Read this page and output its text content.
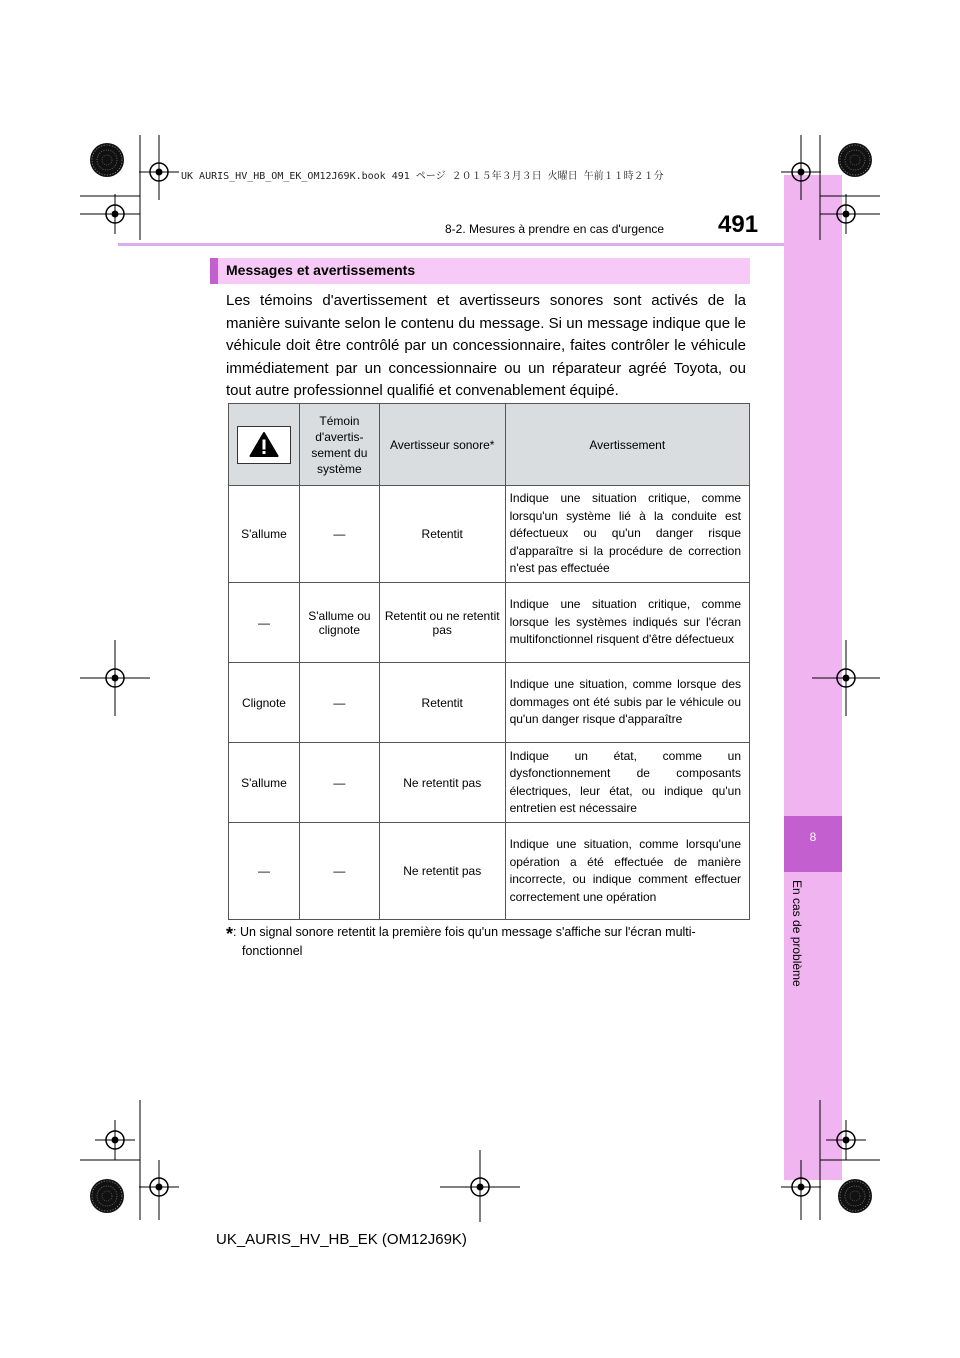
8
En cas de problème
UK AURIS_HV_HB_OM_EK_OM12J69K.book 491 ページ ２０１５年３月３日 火曜日 午前１１時２１分
8-2. Mesures à prendre en cas d'urgence 491
Messages et avertissements
Les témoins d'avertissement et avertisseurs sonores sont activés de la manière suivante selon le contenu du message. Si un message indique que le véhicule doit être contrôlé par un concessionnaire, faites contrôler le véhicule immédiatement par un concessionnaire ou un réparateur agréé Toyota, ou tout autre professionnel qualifié et convenablement équipé.
	Témoin d'avertis-sement du système	Avertisseur sonore*	Avertissement
S'allume	—	Retentit	Indique une situation critique, comme lorsqu'un système lié à la conduite est défectueux ou qu'un danger risque d'apparaître si la procédure de correction n'est pas effectuée
—	S'allume ou clignote	Retentit ou ne retentit pas	Indique une situation critique, comme lorsque les systèmes indiqués sur l'écran multifonctionnel risquent d'être défectueux
Clignote	—	Retentit	Indique une situation, comme lorsque des dommages ont été subis par le véhicule ou qu'un danger risque d'apparaître
S'allume	—	Ne retentit pas	Indique un état, comme un dysfonctionnement de composants électriques, leur état, ou indique qu'un entretien est nécessaire
—	—	Ne retentit pas	Indique une situation, comme lorsqu'une opération a été effectuée de manière incorrecte, ou indique comment effectuer correctement une opération
*: Un signal sonore retentit la première fois qu'un message s'affiche sur l'écran multi-
fonctionnel
UK_AURIS_HV_HB_EK (OM12J69K)
